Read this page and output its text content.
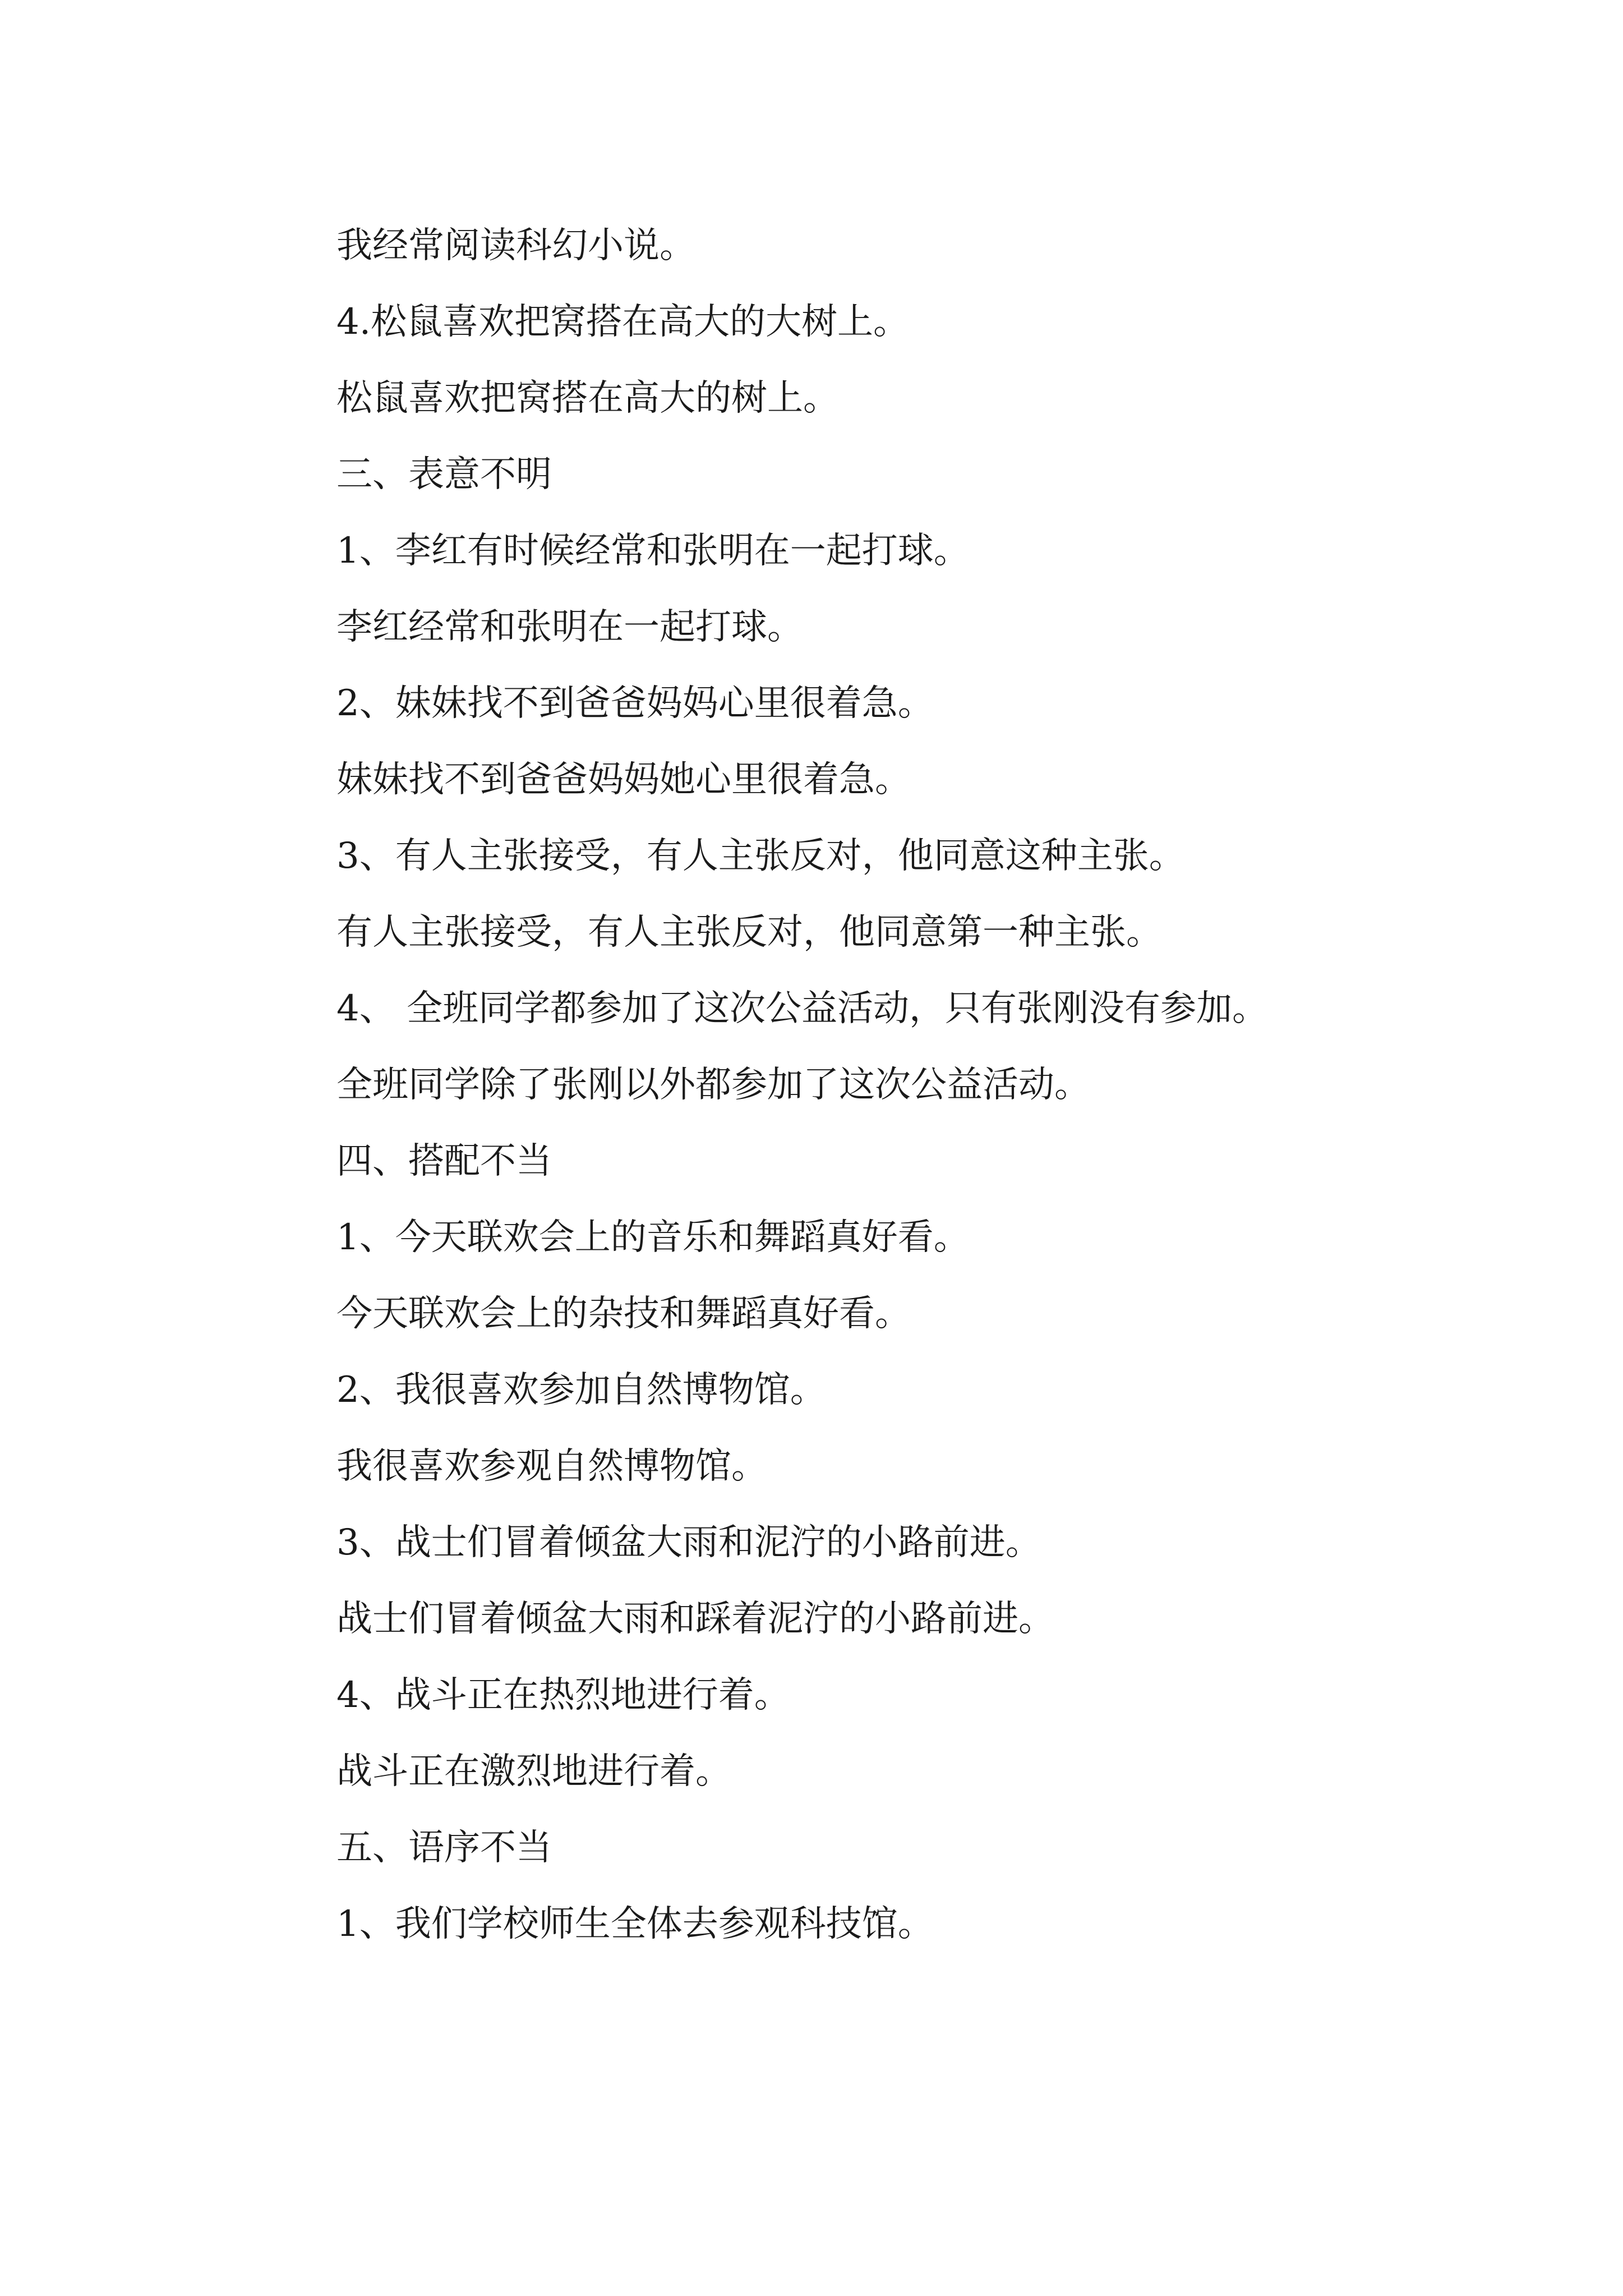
我经常阅读科幻小说。
4.松鼠喜欢把窝搭在高大的大树上。
松鼠喜欢把窝搭在高大的树上。
三、表意不明
1、李红有时候经常和张明在一起打球。
李红经常和张明在一起打球。
2、妹妹找不到爸爸妈妈心里很着急。
妹妹找不到爸爸妈妈她心里很着急。
3、有人主张接受，有人主张反对，他同意这种主张。
有人主张接受，有人主张反对，他同意第一种主张。
4、 全班同学都参加了这次公益活动，只有张刚没有参加。
全班同学除了张刚以外都参加了这次公益活动。
四、搭配不当
1、今天联欢会上的音乐和舞蹈真好看。
今天联欢会上的杂技和舞蹈真好看。
2、我很喜欢参加自然博物馆。
我很喜欢参观自然博物馆。
3、战士们冒着倾盆大雨和泥泞的小路前进。
战士们冒着倾盆大雨和踩着泥泞的小路前进。
4、战斗正在热烈地进行着。
战斗正在激烈地进行着。
五、语序不当
1、我们学校师生全体去参观科技馆。
